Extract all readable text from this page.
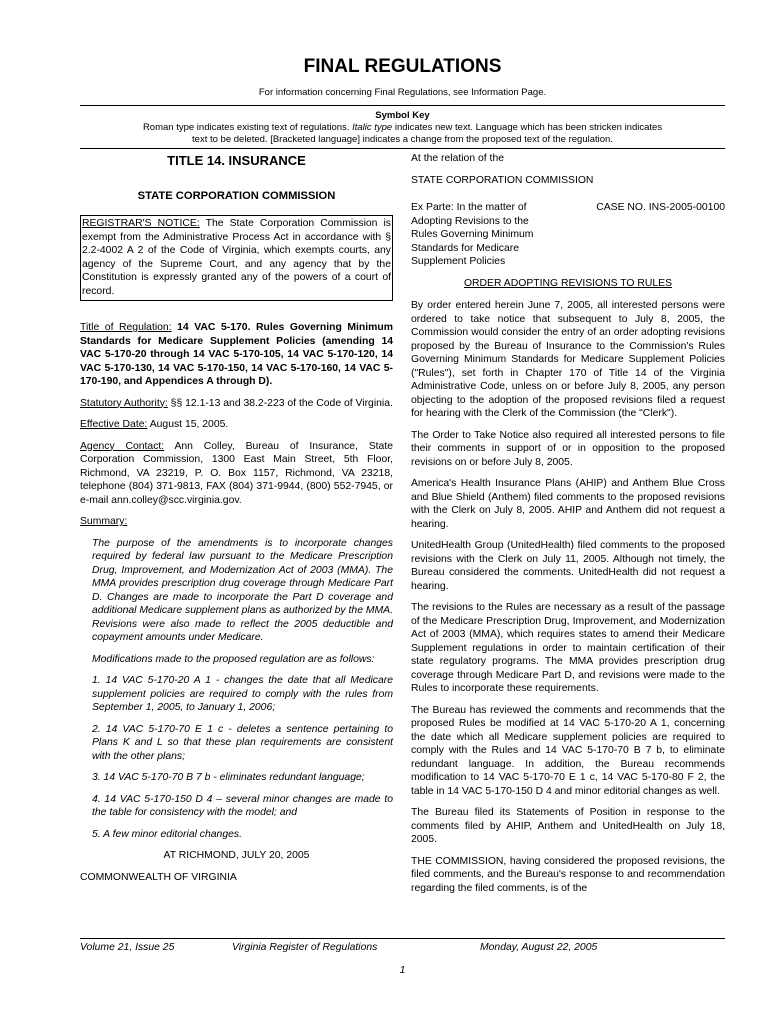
FINAL REGULATIONS
For information concerning Final Regulations, see Information Page.
Symbol Key
Roman type indicates existing text of regulations. Italic type indicates new text. Language which has been stricken indicates
text to be deleted. [Bracketed language] indicates a change from the proposed text of the regulation.
TITLE 14. INSURANCE
STATE CORPORATION COMMISSION
REGISTRAR'S NOTICE: The State Corporation Commission is exempt from the Administrative Process Act in accordance with § 2.2-4002 A 2 of the Code of Virginia, which exempts courts, any agency of the Supreme Court, and any agency that by the Constitution is expressly granted any of the powers of a court of record.

Title of Regulation: 14 VAC 5-170. Rules Governing Minimum Standards for Medicare Supplement Policies (amending 14 VAC 5-170-20 through 14 VAC 5-170-105, 14 VAC 5-170-120, 14 VAC 5-170-130, 14 VAC 5-170-150, 14 VAC 5-170-160, 14 VAC 5-170-190, and Appendices A through D).

Statutory Authority: §§ 12.1-13 and 38.2-223 of the Code of Virginia.

Effective Date: August 15, 2005.

Agency Contact: Ann Colley, Bureau of Insurance, State Corporation Commission, 1300 East Main Street, 5th Floor, Richmond, VA 23219, P. O. Box 1157, Richmond, VA 23218, telephone (804) 371-9813, FAX (804) 371-9944, (800) 552-7945, or e-mail ann.colley@scc.virginia.gov.

Summary:

The purpose of the amendments is to incorporate changes required by federal law pursuant to the Medicare Prescription Drug, Improvement, and Modernization Act of 2003 (MMA). The MMA provides prescription drug coverage through Medicare Part D. Changes are made to incorporate the Part D coverage and additional Medicare supplement plans as authorized by the MMA. Revisions were also made to reflect the 2005 deductible and copayment amounts under Medicare.

Modifications made to the proposed regulation are as follows:

1. 14 VAC 5-170-20 A 1 - changes the date that all Medicare supplement policies are required to comply with the rules from September 1, 2005, to January 1, 2006;

2. 14 VAC 5-170-70 E 1 c - deletes a sentence pertaining to Plans K and L so that these plan requirements are consistent with the other plans;

3. 14 VAC 5-170-70 B 7 b - eliminates redundant language;

4. 14 VAC 5-170-150 D 4 – several minor changes are made to the table for consistency with the model; and

5. A few minor editorial changes.

AT RICHMOND, JULY 20, 2005

COMMONWEALTH OF VIRGINIA

At the relation of the

STATE CORPORATION COMMISSION

Ex Parte: In the matter of Adopting Revisions to the Rules Governing Minimum Standards for Medicare Supplement Policies
CASE NO. INS-2005-00100

ORDER ADOPTING REVISIONS TO RULES

By order entered herein June 7, 2005, all interested persons were ordered to take notice that subsequent to July 8, 2005, the Commission would consider the entry of an order adopting revisions proposed by the Bureau of Insurance to the Commission's Rules Governing Minimum Standards for Medicare Supplement Policies ("Rules"), set forth in Chapter 170 of Title 14 of the Virginia Administrative Code, unless on or before July 8, 2005, any person objecting to the adoption of the proposed revisions filed a request for hearing with the Clerk of the Commission (the "Clerk").

The Order to Take Notice also required all interested persons to file their comments in support of or in opposition to the proposed revisions on or before July 8, 2005.

America's Health Insurance Plans (AHIP) and Anthem Blue Cross and Blue Shield (Anthem) filed comments to the proposed revisions with the Clerk on July 8, 2005. AHIP and Anthem did not request a hearing.

UnitedHealth Group (UnitedHealth) filed comments to the proposed revisions with the Clerk on July 11, 2005. Although not timely, the Bureau considered the comments. UnitedHealth did not request a hearing.

The revisions to the Rules are necessary as a result of the passage of the Medicare Prescription Drug, Improvement, and Modernization Act of 2003 (MMA), which requires states to amend their Medicare Supplement regulations in order to maintain certification of their state regulatory programs. The MMA provides prescription drug coverage through Medicare Part D, and revisions were made to the Rules to incorporate these requirements.

The Bureau has reviewed the comments and recommends that the proposed Rules be modified at 14 VAC 5-170-20 A 1, concerning the date which all Medicare supplement policies are required to comply with the Rules and 14 VAC 5-170-70 B 7 b, to eliminate redundant language. In addition, the Bureau recommends modification to 14 VAC 5-170-70 E 1 c, 14 VAC 5-170-80 F 2, the table in 14 VAC 5-170-150 D 4 and minor editorial changes as well.

The Bureau filed its Statements of Position in response to the comments filed by AHIP, Anthem and UnitedHealth on July 18, 2005.

THE COMMISSION, having considered the proposed revisions, the filed comments, and the Bureau's response to and recommendation regarding the filed comments, is of the

Volume 21, Issue 25	Virginia Register of Regulations	Monday, August 22, 2005
1
